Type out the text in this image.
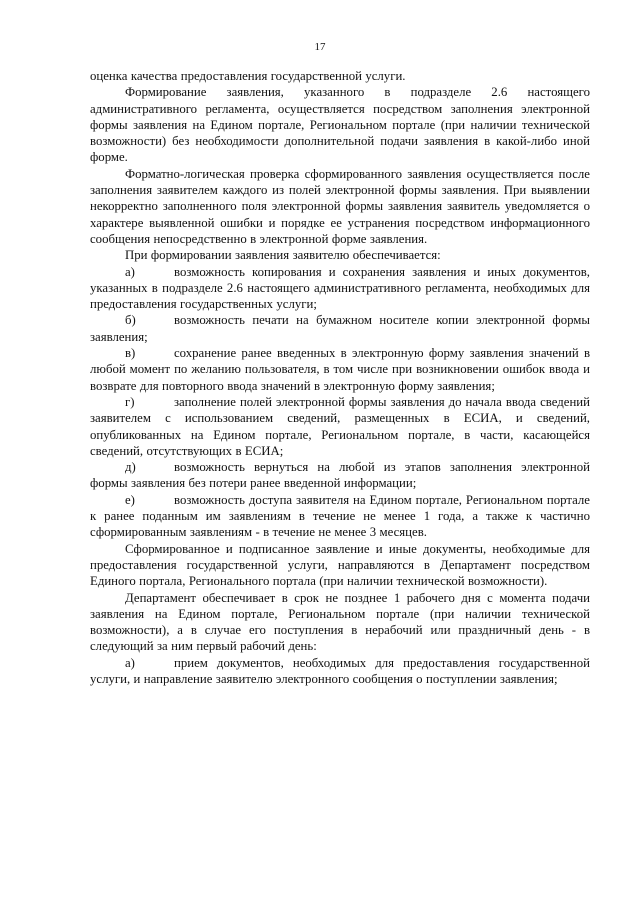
17

оценка качества предоставления государственной услуги.

Формирование заявления, указанного в подразделе 2.6 настоящего административного регламента, осуществляется посредством заполнения электронной формы заявления на Едином портале, Региональном портале (при наличии технической возможности) без необходимости дополнительной подачи заявления в какой-либо иной форме.

Форматно-логическая проверка сформированного заявления осуществляется после заполнения заявителем каждого из полей электронной формы заявления. При выявлении некорректно заполненного поля электронной формы заявления заявитель уведомляется о характере выявленной ошибки и порядке ее устранения посредством информационного сообщения непосредственно в электронной форме заявления.

При формировании заявления заявителю обеспечивается:

а)	возможность копирования и сохранения заявления и иных документов, указанных в подразделе 2.6 настоящего административного регламента, необходимых для предоставления государственных услуги;

б)	возможность печати на бумажном носителе копии электронной формы заявления;

в)	сохранение ранее введенных в электронную форму заявления значений в любой момент по желанию пользователя, в том числе при возникновении ошибок ввода и возврате для повторного ввода значений в электронную форму заявления;

г)	заполнение полей электронной формы заявления до начала ввода сведений заявителем с использованием сведений, размещенных в ЕСИА, и сведений, опубликованных на Едином портале, Региональном портале, в части, касающейся сведений, отсутствующих в ЕСИА;

д)	возможность вернуться на любой из этапов заполнения электронной формы заявления без потери ранее введенной информации;

е)	возможность доступа заявителя на Едином портале, Региональном портале к ранее поданным им заявлениям в течение не менее 1 года, а также к частично сформированным заявлениям - в течение не менее 3 месяцев.

Сформированное и подписанное заявление и иные документы, необходимые для предоставления государственной услуги, направляются в Департамент посредством Единого портала, Регионального портала (при наличии технической возможности).

Департамент обеспечивает в срок не позднее 1 рабочего дня с момента подачи заявления на Едином портале, Региональном портале (при наличии технической возможности), а в случае его поступления в нерабочий или праздничный день - в следующий за ним первый рабочий день:

а)	прием документов, необходимых для предоставления государственной услуги, и направление заявителю электронного сообщения о поступлении заявления;
